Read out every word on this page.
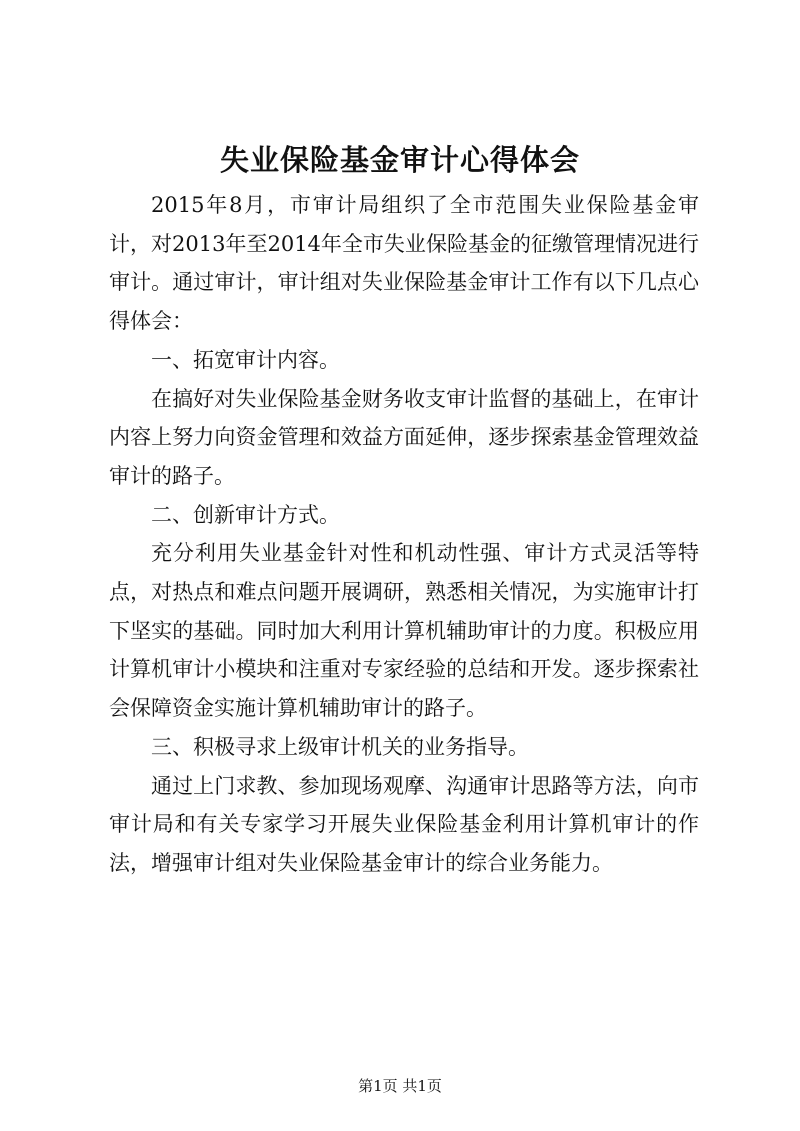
失业保险基金审计心得体会

2015年8月，市审计局组织了全市范围失业保险基金审计，对2013年至2014年全市失业保险基金的征缴管理情况进行审计。通过审计，审计组对失业保险基金审计工作有以下几点心得体会：

一、拓宽审计内容。

在搞好对失业保险基金财务收支审计监督的基础上，在审计内容上努力向资金管理和效益方面延伸，逐步探索基金管理效益审计的路子。

二、创新审计方式。

充分利用失业基金针对性和机动性强、审计方式灵活等特点，对热点和难点问题开展调研，熟悉相关情况，为实施审计打下坚实的基础。同时加大利用计算机辅助审计的力度。积极应用计算机审计小模块和注重对专家经验的总结和开发。逐步探索社会保障资金实施计算机辅助审计的路子。

三、积极寻求上级审计机关的业务指导。

通过上门求教、参加现场观摩、沟通审计思路等方法，向市审计局和有关专家学习开展失业保险基金利用计算机审计的作法，增强审计组对失业保险基金审计的综合业务能力。

第1页 共1页
